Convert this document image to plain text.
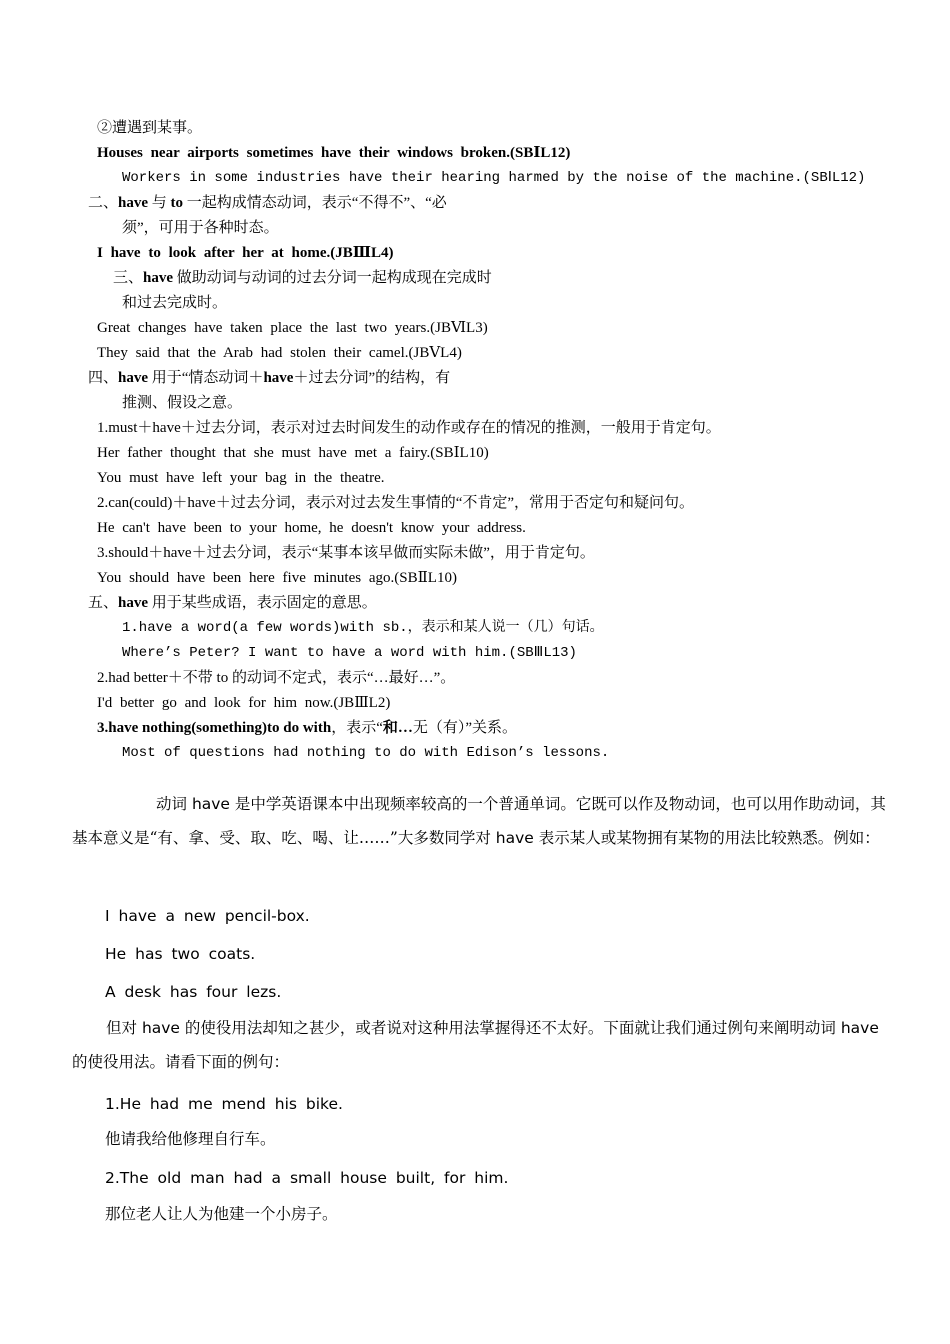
②遭遇到某事。
Houses near airports sometimes have their windows broken.(SBⅠL12)
Workers in some industries have their hearing harmed by the noise of the machine.(SBⅠL12)
二、have 与 to 一起构成情态动词，表示“不得不”、“必
须”，可用于各种时态。
I have to look after her at home.(JBⅢL4)
三、have 做助动词与动词的过去分词一起构成现在完成时
和过去完成时。
Great changes have taken place the last two years.(JBⅥL3)
They said that the Arab had stolen their camel.(JBⅤL4)
四、have 用于“情态动词＋have＋过去分词”的结构，有
推测、假设之意。
1.must＋have＋过去分词，表示对过去时间发生的动作或存在的情况的推测，一般用于肯定句。
Her father thought that she must have met a fairy.(SBⅠL10)
You must have left your bag in the theatre.
2.can(could)＋have＋过去分词，表示对过去发生事情的“不肯定”，常用于否定句和疑问句。
He can't have been to your home, he doesn't know your address.
3.should＋have＋过去分词，表示“某事本该早做而实际未做”，用于肯定句。
You should have been here five minutes ago.(SBⅡL10)
五、have 用于某些成语，表示固定的意思。
1.have a word(a few words)with sb.，表示和某人说一（几）句话。
Where’s Peter? I want to have a word with him.(SBⅢL13)
2.had better＋不带 to 的动词不定式，表示“…最好…”。
I'd better go and look for him now.(JBⅢL2)
3.have nothing(something)to do with，表示“和…无（有）”关系。
Most of questions had nothing to do with Edison’s lessons.
动词 have 是中学英语课本中出现频率较高的一个普通单词。它既可以作及物动词，也可以用作助动词，其基本意义是“有、拿、受、取、吃、喝、让……”大多数同学对 have 表示某人或某物拥有某物的用法比较熟悉。例如：
I have a new pencil-box.
He has two coats.
A desk has four lezs.
但对 have 的使役用法却知之甚少，或者说对这种用法掌握得还不太好。下面就让我们通过例句来阐明动词 have 的使役用法。请看下面的例句：
1.He had me mend his bike.
他请我给他修理自行车。
2.The old man had a small house built, for him.
那位老人让人为他建一个小房子。
